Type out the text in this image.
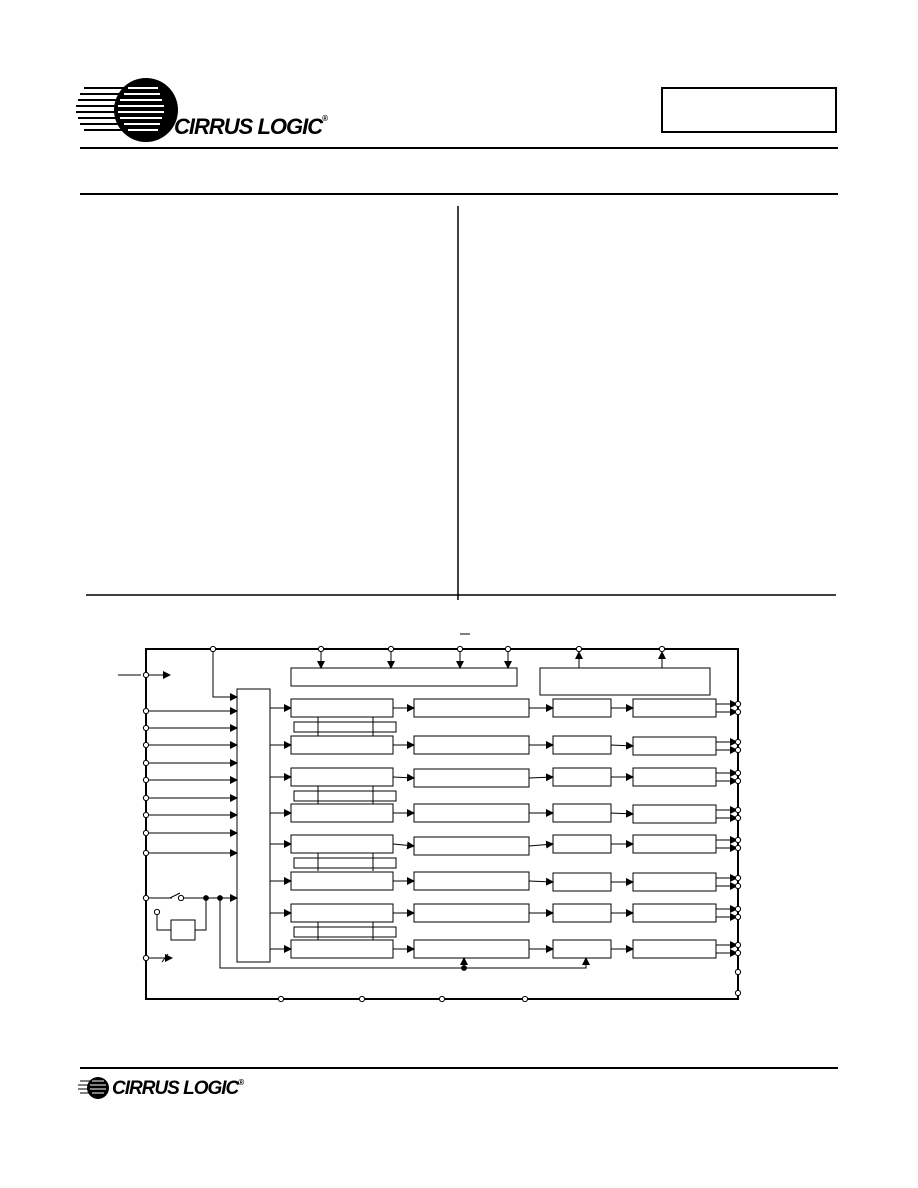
CIRRUS LOGIC®
CIRRUS LOGIC®
